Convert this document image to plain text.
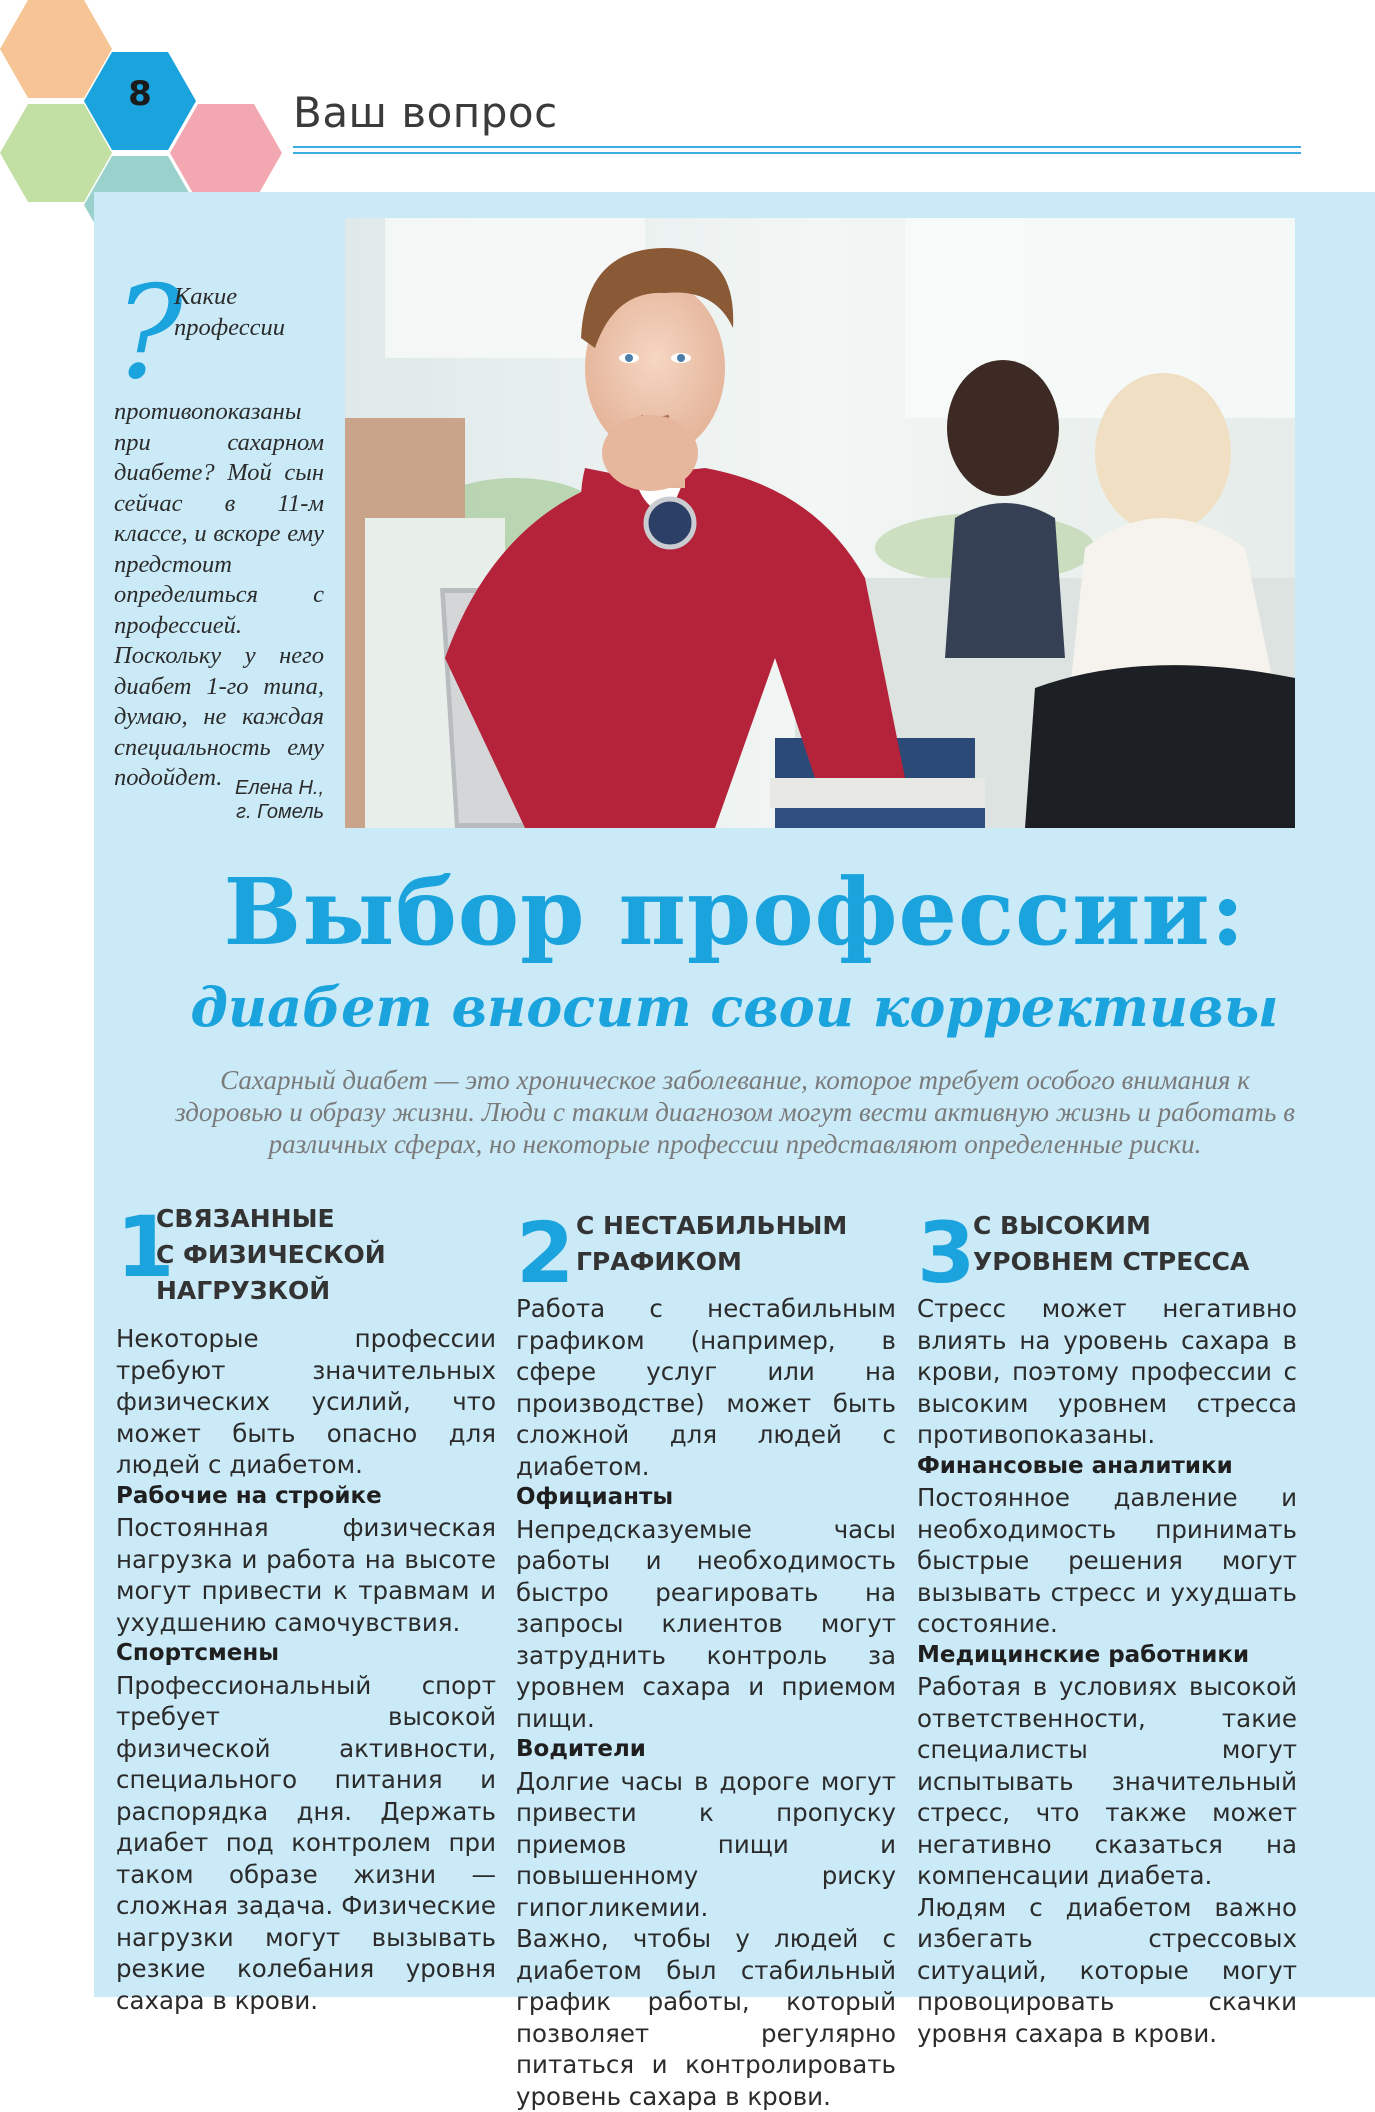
8	Ваш вопрос
?

Какие профессии противопоказаны при сахарном диабете? Мой сын сейчас в 11-м классе, и вскоре ему предстоит определиться с профессией. Поскольку у него диабет 1-го типа, думаю, не каждая специальность ему подойдет. Елена Н.,
г. Гомель
Выбор профессии:
диабет вносит свои коррективы

Сахарный диабет — это хроническое заболевание, которое требует особого внимания к здоровью и образу жизни. Люди с таким диагнозом могут вести активную жизнь и работать в различных сферах, но некоторые профессии представляют определенные риски.

1
СВЯЗАННЫЕ
С ФИЗИЧЕСКОЙ
НАГРУЗКОЙ

Некоторые профессии требуют значительных физических усилий, что может быть опасно для людей с диабетом.

Рабочие на стройке

Постоянная физическая нагрузка и работа на высоте могут привести к травмам и ухудшению самочувствия.

Спортсмены

Профессиональный спорт требует высокой физической активности, специального питания и распорядка дня. Держать диабет под контролем при таком образе жизни — сложная задача. Физические нагрузки могут вызывать резкие колебания уровня сахара в крови.

2 С НЕСТАБИЛЬНЫМ
ГРАФИКОМ

Работа с нестабильным графиком (например, в сфере услуг или на производстве) может быть сложной для людей с диабетом.

Официанты

Непредсказуемые часы работы и необходимость быстро реагировать на запросы клиентов могут затруднить контроль за уровнем сахара и приемом пищи.

Водители

Долгие часы в дороге могут привести к пропуску приемов пищи и повышенному риску гипогликемии.

Важно, чтобы у людей с диабетом был стабильный график работы, который позволяет регулярно питаться и контролировать уровень сахара в крови.

3
С ВЫСОКИМ
УРОВНЕМ СТРЕССА

Стресс может негативно влиять на уровень сахара в крови, поэтому профессии с высоким уровнем стресса противопоказаны.

Финансовые аналитики

Постоянное давление и необходимость принимать быстрые решения могут вызывать стресс и ухудшать состояние.

Медицинские работники

Работая в условиях высокой ответственности, такие специалисты могут испытывать значительный стресс, что также может негативно сказаться на компенсации диабета.

Людям с диабетом важно избегать стрессовых ситуаций, которые могут провоцировать скачки уровня сахара в крови.
